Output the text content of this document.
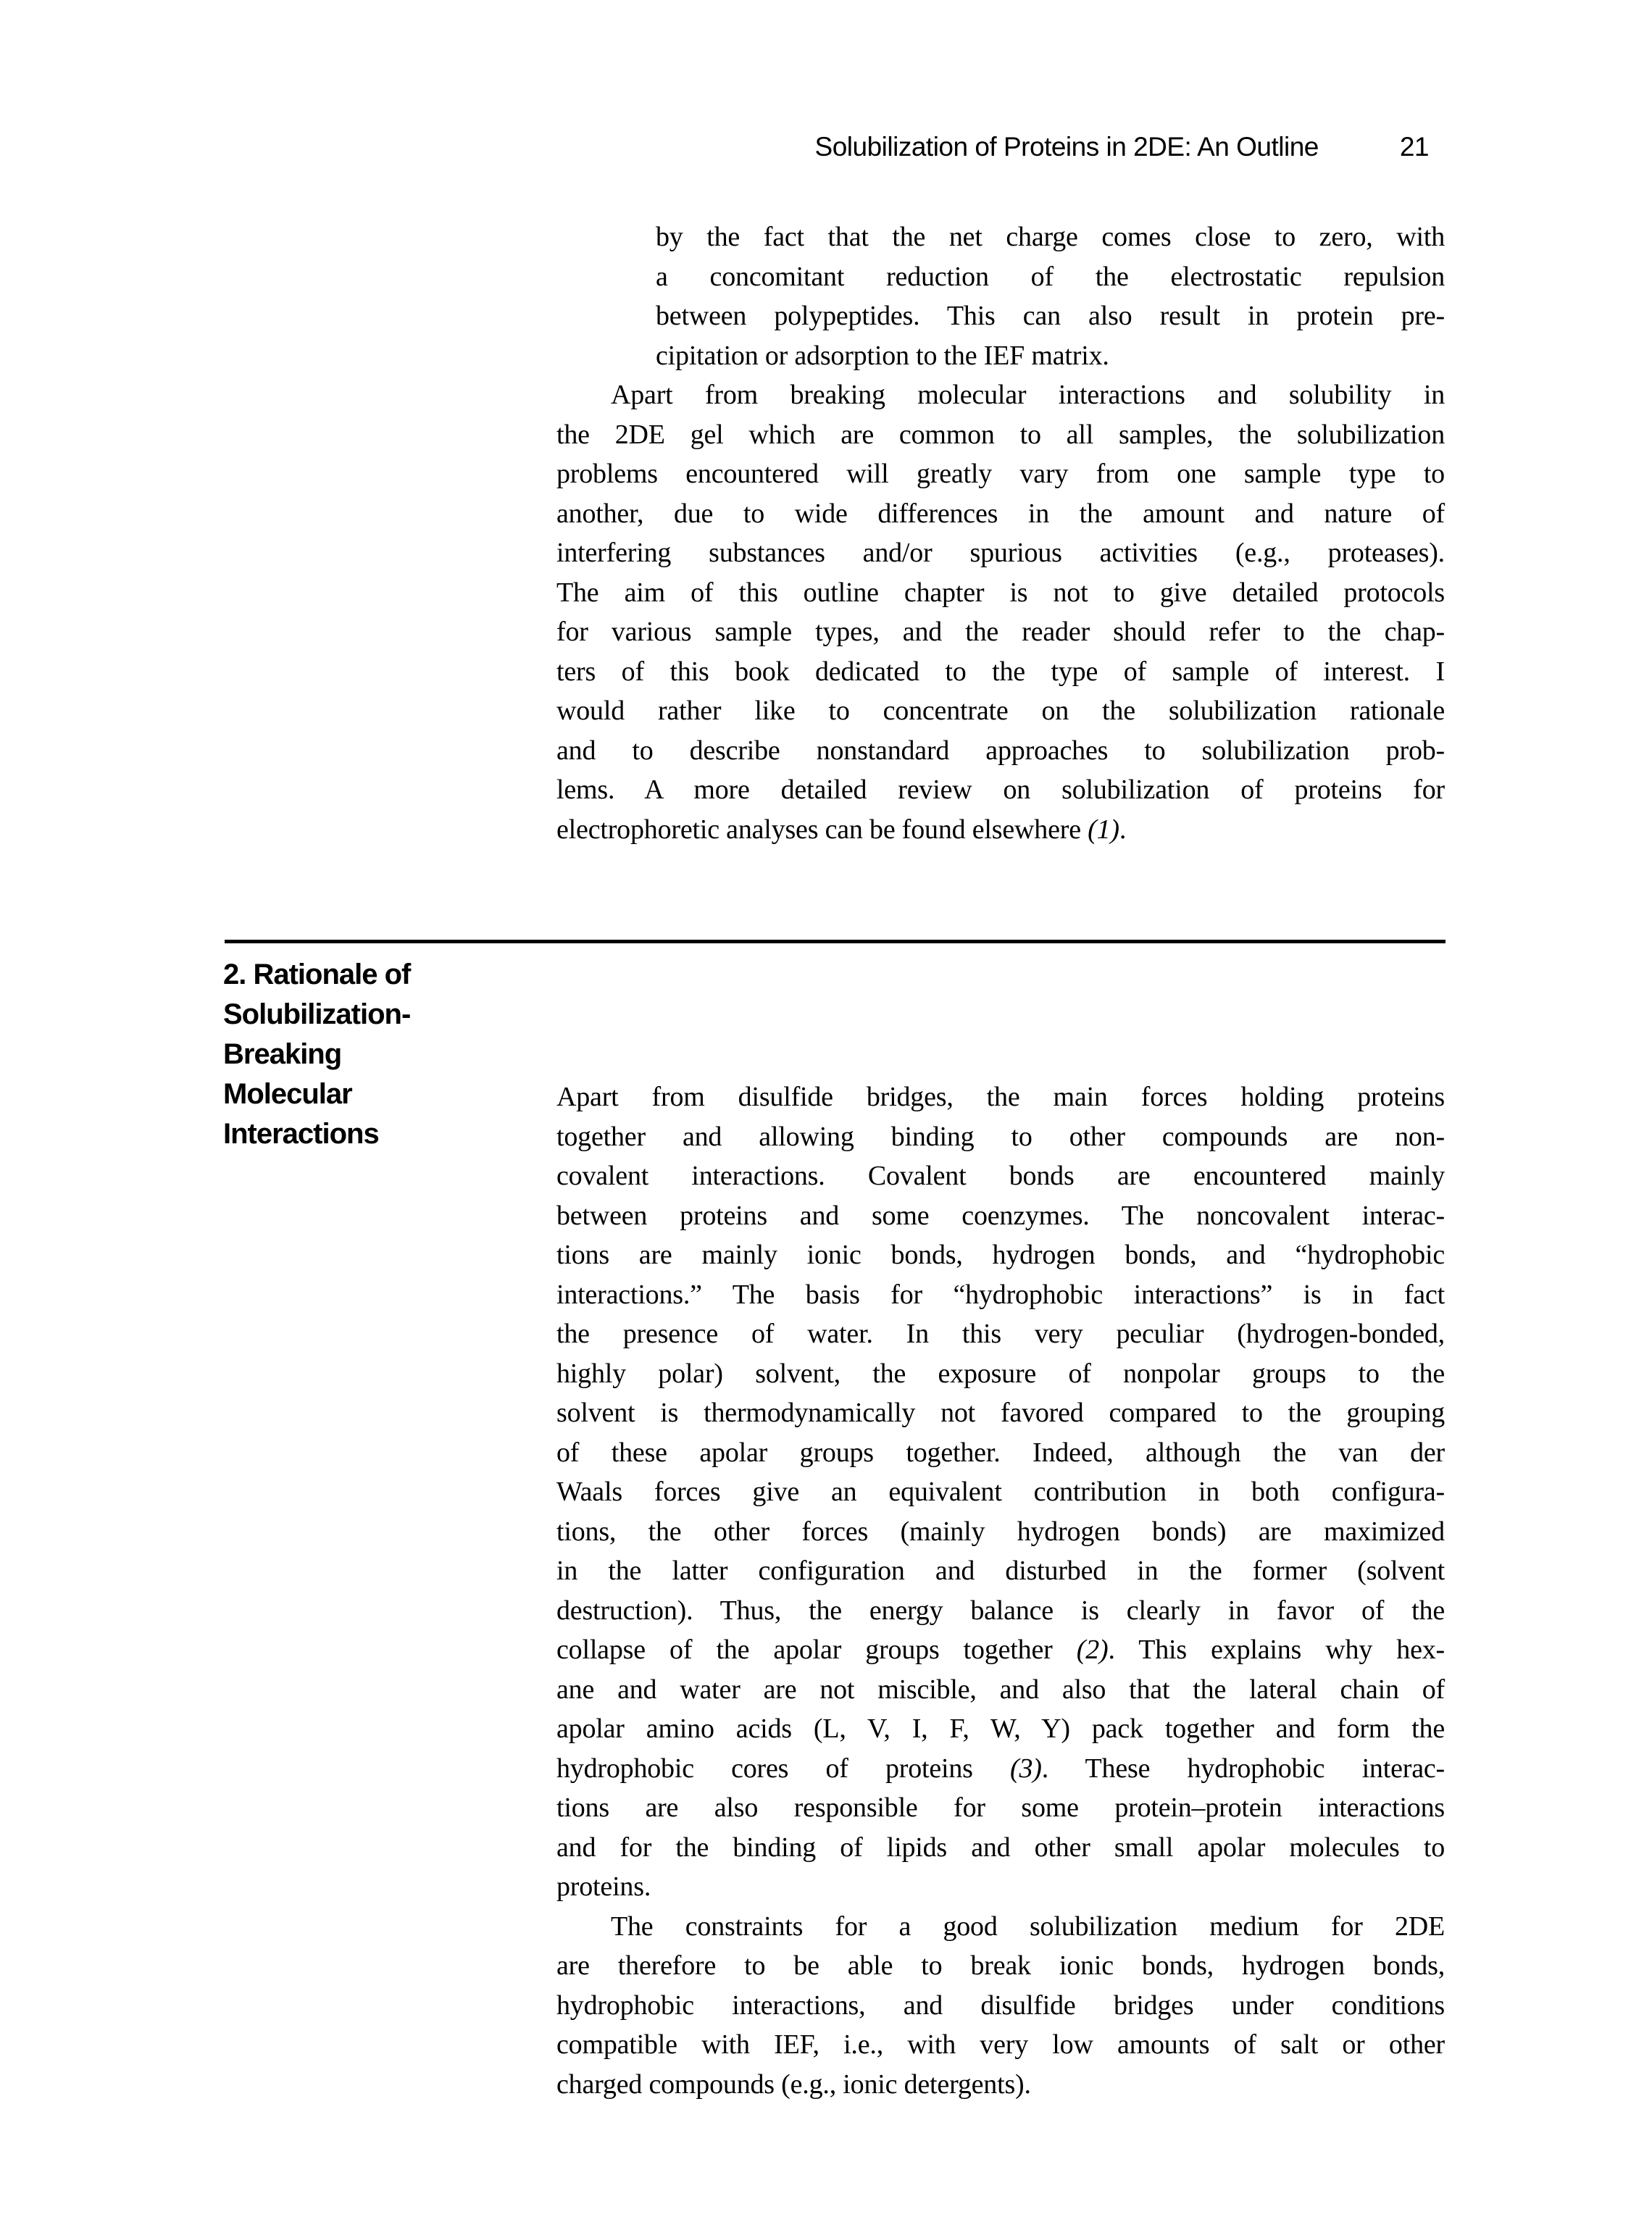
Solubilization of Proteins in 2DE: An Outline	21
2. Rationale of
Solubilization-
Breaking
Molecular
Interactions

by the fact that the net charge comes close to zero, with
a concomitant reduction of the electrostatic repulsion
between polypeptides. This can also result in protein pre-
cipitation or adsorption to the IEF matrix.

Apart from breaking molecular interactions and solubility in
the 2DE gel which are common to all samples, the solubilization
problems encountered will greatly vary from one sample type to
another, due to wide differences in the amount and nature of
interfering substances and/or spurious activities (e.g., proteases).
The aim of this outline chapter is not to give detailed protocols
for various sample types, and the reader should refer to the chap-
ters of this book dedicated to the type of sample of interest. I
would rather like to concentrate on the solubilization rationale
and to describe nonstandard approaches to solubilization prob-
lems. A more detailed review on solubilization of proteins for
electrophoretic analyses can be found elsewhere (1).

Apart from disulfide bridges, the main forces holding proteins
together and allowing binding to other compounds are non-
covalent interactions. Covalent bonds are encountered mainly
between proteins and some coenzymes. The noncovalent interac-
tions are mainly ionic bonds, hydrogen bonds, and “hydrophobic
interactions.” The basis for “hydrophobic interactions” is in fact
the presence of water. In this very peculiar (hydrogen-bonded,
highly polar) solvent, the exposure of nonpolar groups to the
solvent is thermodynamically not favored compared to the grouping
of these apolar groups together. Indeed, although the van der
Waals forces give an equivalent contribution in both configura-
tions, the other forces (mainly hydrogen bonds) are maximized
in the latter configuration and disturbed in the former (solvent
destruction). Thus, the energy balance is clearly in favor of the
collapse of the apolar groups together (2). This explains why hex-
ane and water are not miscible, and also that the lateral chain of
apolar amino acids (L, V, I, F, W, Y) pack together and form the
hydrophobic cores of proteins (3). These hydrophobic interac-
tions are also responsible for some protein–protein interactions
and for the binding of lipids and other small apolar molecules to
proteins.

The constraints for a good solubilization medium for 2DE
are therefore to be able to break ionic bonds, hydrogen bonds,
hydrophobic interactions, and disulfide bridges under conditions
compatible with IEF, i.e., with very low amounts of salt or other
charged compounds (e.g., ionic detergents).
